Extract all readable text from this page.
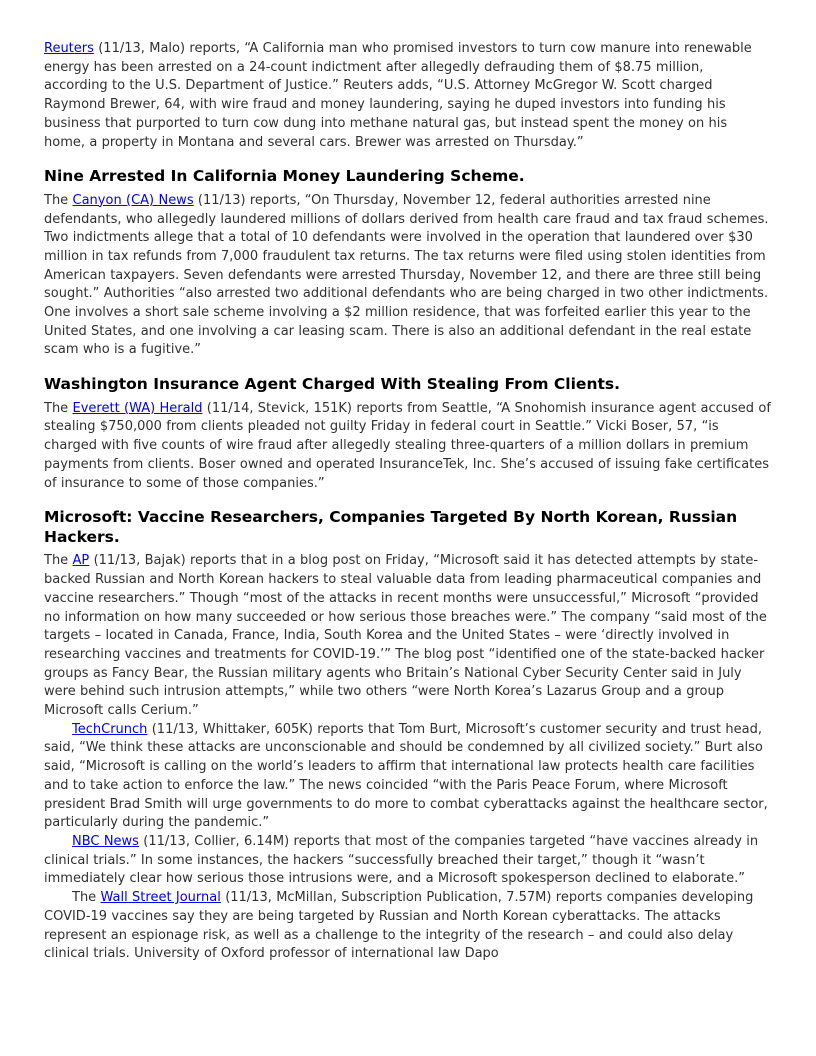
Reuters (11/13, Malo) reports, “A California man who promised investors to turn cow manure into renewable energy has been arrested on a 24-count indictment after allegedly defrauding them of $8.75 million, according to the U.S. Department of Justice.” Reuters adds, “U.S. Attorney McGregor W. Scott charged Raymond Brewer, 64, with wire fraud and money laundering, saying he duped investors into funding his business that purported to turn cow dung into methane natural gas, but instead spent the money on his home, a property in Montana and several cars. Brewer was arrested on Thursday.”

Nine Arrested In California Money Laundering Scheme.

The Canyon (CA) News (11/13) reports, “On Thursday, November 12, federal authorities arrested nine defendants, who allegedly laundered millions of dollars derived from health care fraud and tax fraud schemes. Two indictments allege that a total of 10 defendants were involved in the operation that laundered over $30 million in tax refunds from 7,000 fraudulent tax returns. The tax returns were filed using stolen identities from American taxpayers. Seven defendants were arrested Thursday, November 12, and there are three still being sought.” Authorities “also arrested two additional defendants who are being charged in two other indictments. One involves a short sale scheme involving a $2 million residence, that was forfeited earlier this year to the United States, and one involving a car leasing scam. There is also an additional defendant in the real estate scam who is a fugitive.”

Washington Insurance Agent Charged With Stealing From Clients.

The Everett (WA) Herald (11/14, Stevick, 151K) reports from Seattle, “A Snohomish insurance agent accused of stealing $750,000 from clients pleaded not guilty Friday in federal court in Seattle.” Vicki Boser, 57, “is charged with five counts of wire fraud after allegedly stealing three-quarters of a million dollars in premium payments from clients. Boser owned and operated InsuranceTek, Inc. She’s accused of issuing fake certificates of insurance to some of those companies.”

Microsoft: Vaccine Researchers, Companies Targeted By North Korean, Russian Hackers.

The AP (11/13, Bajak) reports that in a blog post on Friday, “Microsoft said it has detected attempts by state-backed Russian and North Korean hackers to steal valuable data from leading pharmaceutical companies and vaccine researchers.” Though “most of the attacks in recent months were unsuccessful,” Microsoft “provided no information on how many succeeded or how serious those breaches were.” The company “said most of the targets – located in Canada, France, India, South Korea and the United States – were ‘directly involved in researching vaccines and treatments for COVID-19.’” The blog post “identified one of the state-backed hacker groups as Fancy Bear, the Russian military agents who Britain’s National Cyber Security Center said in July were behind such intrusion attempts,” while two others “were North Korea’s Lazarus Group and a group Microsoft calls Cerium.”

TechCrunch (11/13, Whittaker, 605K) reports that Tom Burt, Microsoft’s customer security and trust head, said, “We think these attacks are unconscionable and should be condemned by all civilized society.” Burt also said, “Microsoft is calling on the world’s leaders to affirm that international law protects health care facilities and to take action to enforce the law.” The news coincided “with the Paris Peace Forum, where Microsoft president Brad Smith will urge governments to do more to combat cyberattacks against the healthcare sector, particularly during the pandemic.”

NBC News (11/13, Collier, 6.14M) reports that most of the companies targeted “have vaccines already in clinical trials.” In some instances, the hackers “successfully breached their target,” though it “wasn’t immediately clear how serious those intrusions were, and a Microsoft spokesperson declined to elaborate.”

The Wall Street Journal (11/13, McMillan, Subscription Publication, 7.57M) reports companies developing COVID-19 vaccines say they are being targeted by Russian and North Korean cyberattacks. The attacks represent an espionage risk, as well as a challenge to the integrity of the research – and could also delay clinical trials. University of Oxford professor of international law Dapo
